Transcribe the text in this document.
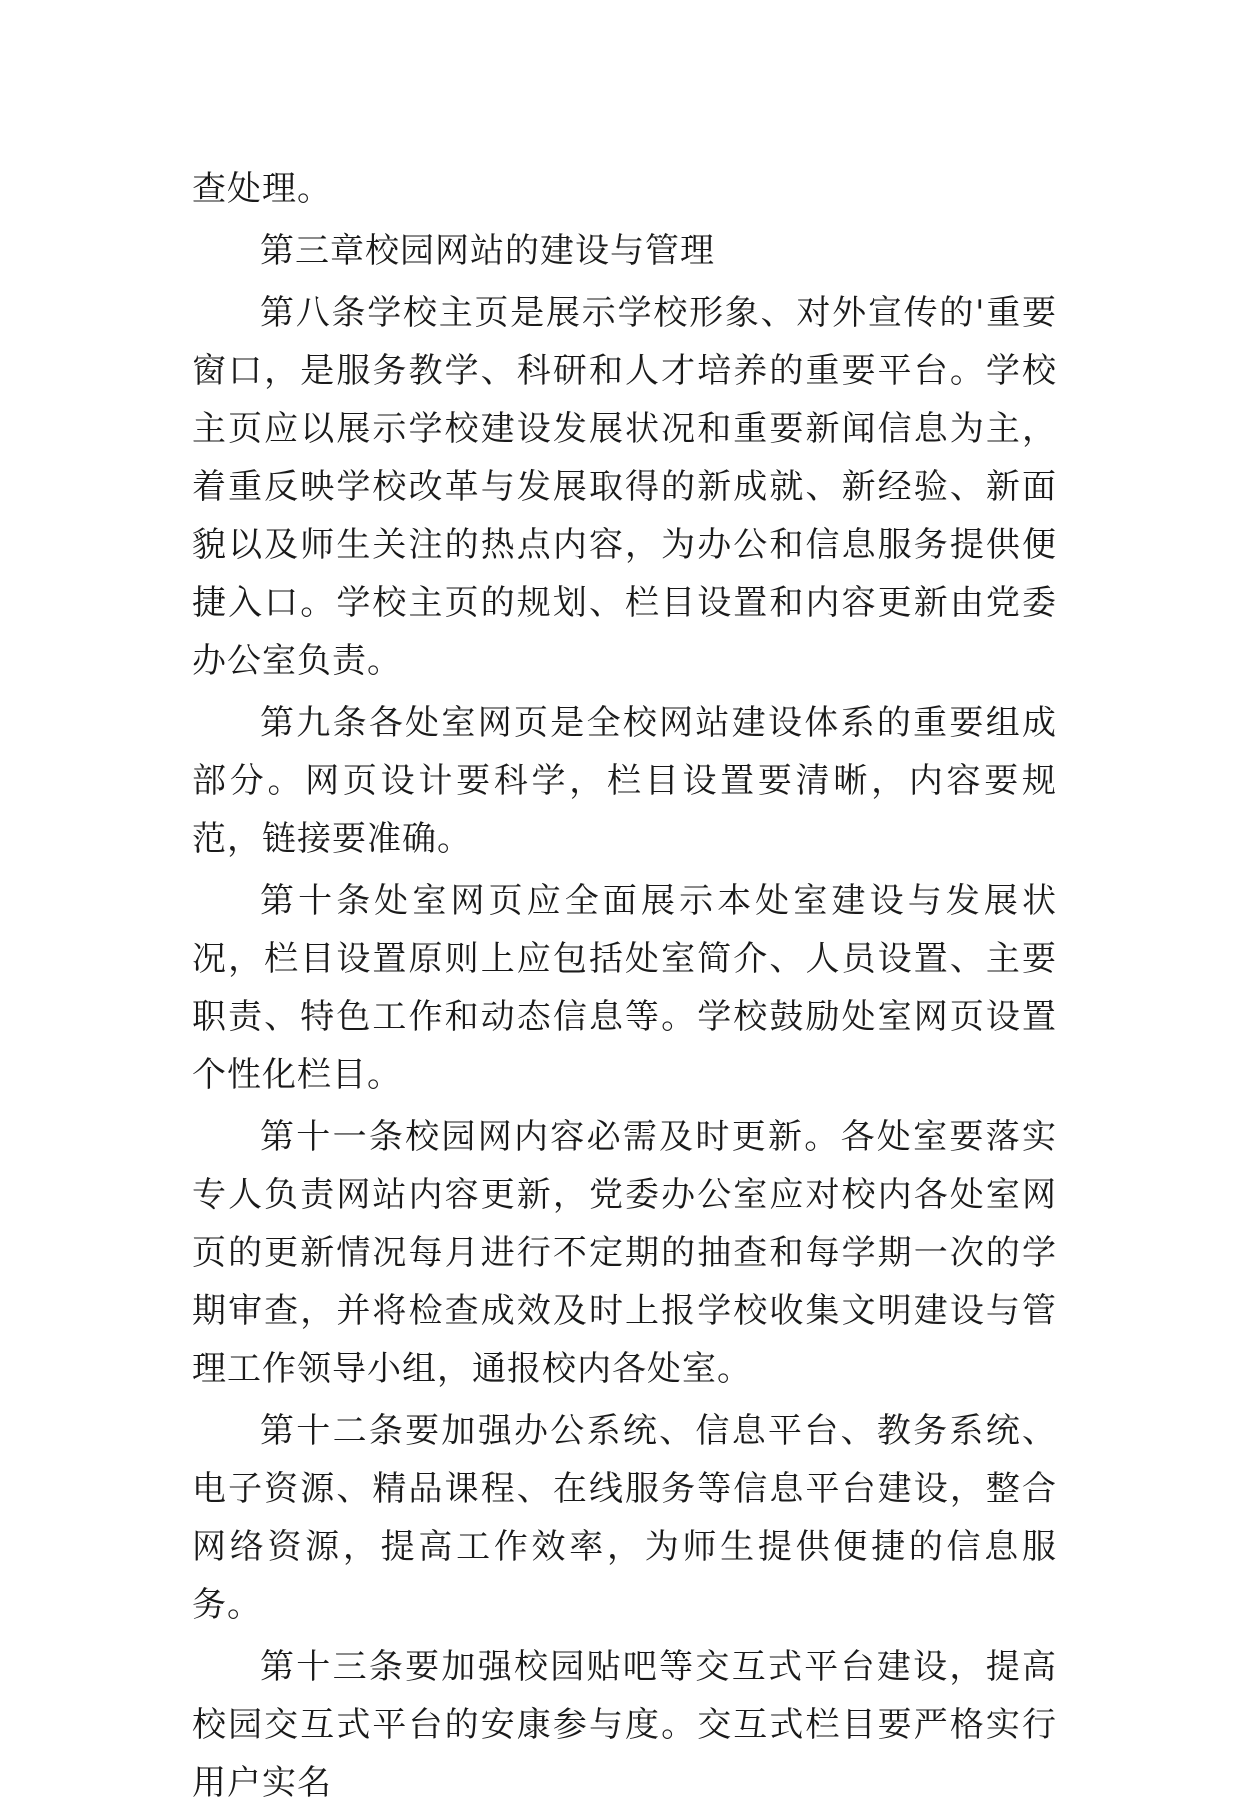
查处理。

第三章校园网站的建设与管理

第八条学校主页是展示学校形象、对外宣传的'重要窗口，是服务教学、科研和人才培养的重要平台。学校主页应以展示学校建设发展状况和重要新闻信息为主，着重反映学校改革与发展取得的新成就、新经验、新面貌以及师生关注的热点内容，为办公和信息服务提供便捷入口。学校主页的规划、栏目设置和内容更新由党委办公室负责。

第九条各处室网页是全校网站建设体系的重要组成部分。网页设计要科学，栏目设置要清晰，内容要规范，链接要准确。

第十条处室网页应全面展示本处室建设与发展状况，栏目设置原则上应包括处室简介、人员设置、主要职责、特色工作和动态信息等。学校鼓励处室网页设置个性化栏目。

第十一条校园网内容必需及时更新。各处室要落实专人负责网站内容更新，党委办公室应对校内各处室网页的更新情况每月进行不定期的抽查和每学期一次的学期审查，并将检查成效及时上报学校收集文明建设与管理工作领导小组，通报校内各处室。

第十二条要加强办公系统、信息平台、教务系统、电子资源、精品课程、在线服务等信息平台建设，整合网络资源，提高工作效率，为师生提供便捷的信息服务。

第十三条要加强校园贴吧等交互式平台建设，提高校园交互式平台的安康参与度。交互式栏目要严格实行用户实名
